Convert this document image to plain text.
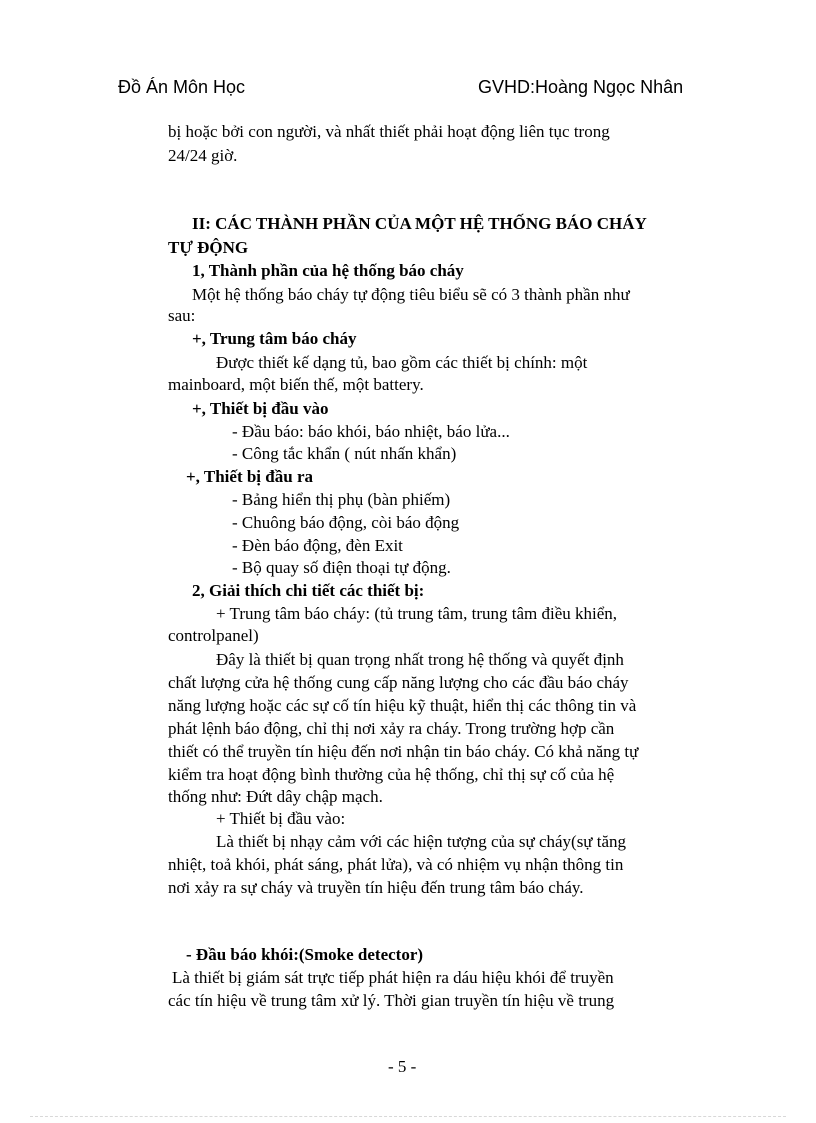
Đồ Án Môn Học	GVHD:Hoàng Ngọc Nhân
bị hoặc bởi con người, và nhất thiết phải hoạt động liên tục trong
24/24 giờ.
II: CÁC THÀNH PHẦN CỦA MỘT HỆ THỐNG BÁO CHÁY
TỰ ĐỘNG
1, Thành phần của hệ thống báo cháy
Một hệ thống báo cháy tự động tiêu biểu sẽ có 3 thành phần như
sau:
+, Trung tâm báo cháy
Được thiết kế dạng tủ, bao gồm các thiết bị chính: một
mainboard, một biến thế, một battery.
+, Thiết bị đầu vào
- Đầu báo: báo khói, báo nhiệt, báo lửa...
- Công tắc khẩn ( nút nhấn khẩn)
+, Thiết bị đầu ra
- Bảng hiển thị phụ (bàn phiếm)
- Chuông báo động, còi báo động
- Đèn báo động, đèn Exit
- Bộ quay số điện thoại tự động.
2, Giải thích chi tiết các thiết bị:
+ Trung tâm báo cháy: (tủ trung tâm, trung tâm điều khiển,
controlpanel)
Đây là thiết bị quan trọng nhất trong hệ thống và quyết định
chất lượng cửa hệ thống cung cấp năng lượng cho các đầu báo cháy
năng lượng hoặc các sự cố tín hiệu kỹ thuật, hiển thị các thông tin và
phát lệnh báo động, chỉ thị nơi xảy ra cháy. Trong trường hợp cần
thiết có thể truyền tín hiệu đến nơi nhận tin báo cháy. Có khả năng tự
kiểm tra hoạt động bình thường của hệ thống, chỉ thị sự cố của hệ
thống như: Đứt dây chập mạch.
+ Thiết bị đầu vào:
Là thiết bị nhạy cảm với các hiện tượng của sự cháy(sự tăng
nhiệt, toả khói, phát sáng, phát lửa), và có nhiệm vụ nhận thông tin
nơi xảy ra sự cháy và truyền tín hiệu đến trung tâm báo cháy.
- Đầu báo khói:(Smoke detector)
Là thiết bị giám sát trực tiếp phát hiện ra dáu hiệu khói để truyền
các tín hiệu về trung tâm xử lý. Thời gian truyền tín hiệu về trung
- 5 -
